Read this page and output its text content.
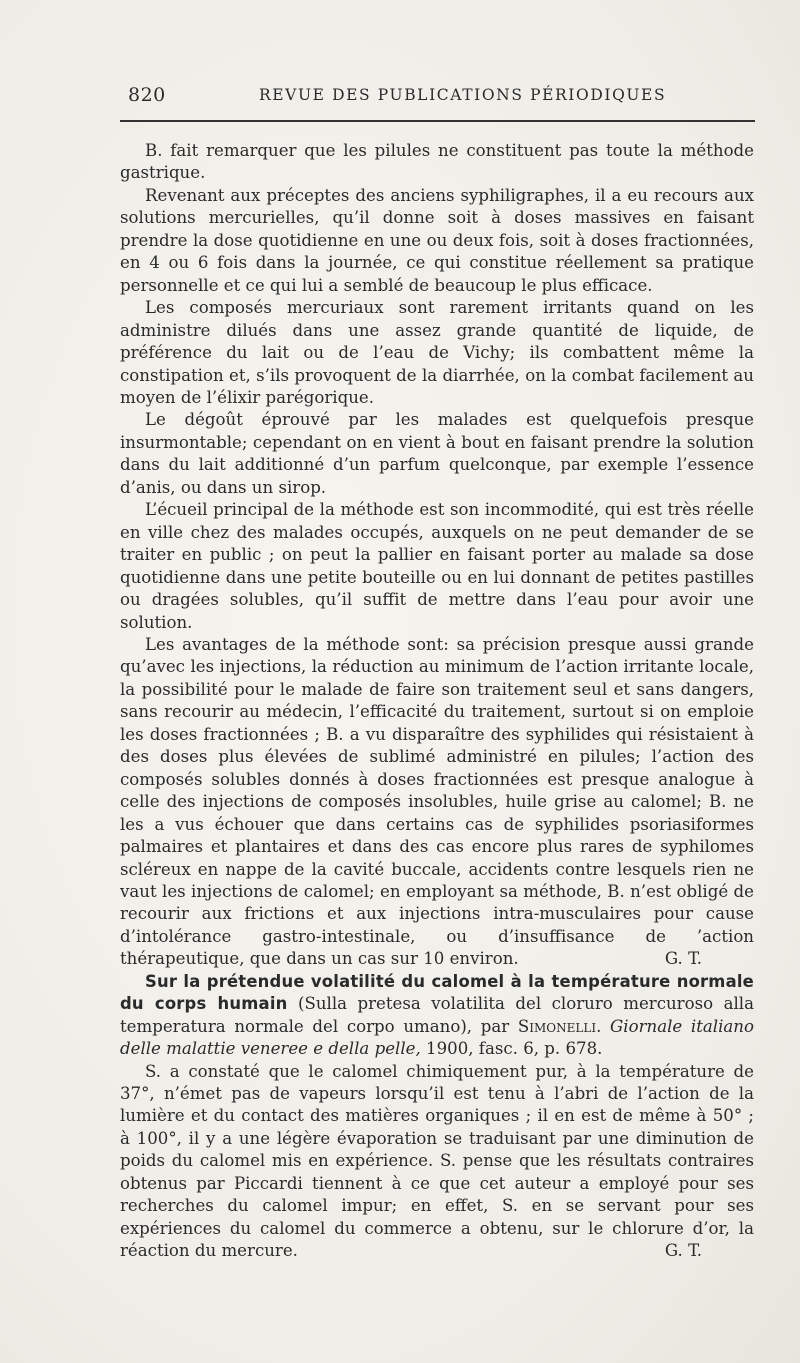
820	REVUE DES PUBLICATIONS PÉRIODIQUES

B. fait remarquer que les pilules ne constituent pas toute la méthode gastrique.

Revenant aux préceptes des anciens syphiligraphes, il a eu recours aux solutions mercurielles, qu’il donne soit à doses massives en faisant prendre la dose quotidienne en une ou deux fois, soit à doses fractionnées, en 4 ou 6 fois dans la journée, ce qui constitue réellement sa pratique personnelle et ce qui lui a semblé de beaucoup le plus efficace.

Les composés mercuriaux sont rarement irritants quand on les administre dilués dans une assez grande quantité de liquide, de préférence du lait ou de l’eau de Vichy; ils combattent même la constipation et, s’ils provoquent de la diarrhée, on la combat facilement au moyen de l’élixir parégorique.

Le dégoût éprouvé par les malades est quelquefois presque insurmontable; cependant on en vient à bout en faisant prendre la solution dans du lait additionné d’un parfum quelconque, par exemple l’essence d’anis, ou dans un sirop.

L’écueil principal de la méthode est son incommodité, qui est très réelle en ville chez des malades occupés, auxquels on ne peut demander de se traiter en public ; on peut la pallier en faisant porter au malade sa dose quotidienne dans une petite bouteille ou en lui donnant de petites pastilles ou dragées solubles, qu’il suffit de mettre dans l’eau pour avoir une solution.

Les avantages de la méthode sont: sa précision presque aussi grande qu’avec les injections, la réduction au minimum de l’action irritante locale, la possibilité pour le malade de faire son traitement seul et sans dangers, sans recourir au médecin, l’efficacité du traitement, surtout si on emploie les doses fractionnées ; B. a vu disparaître des syphilides qui résistaient à des doses plus élevées de sublimé administré en pilules; l’action des composés solubles donnés à doses fractionnées est presque analogue à celle des injections de composés insolubles, huile grise au calomel; B. ne les a vus échouer que dans certains cas de syphilides psoriasiformes palmaires et plantaires et dans des cas encore plus rares de syphilomes scléreux en nappe de la cavité buccale, accidents contre lesquels rien ne vaut les injections de calomel; en employant sa méthode, B. n’est obligé de recourir aux frictions et aux injections intra-musculaires pour cause d’intolérance gastro-intestinale, ou d’insuffisance de ’action thérapeutique, que dans un cas sur 10 environ.	G. T.

Sur la prétendue volatilité du calomel à la température normale du corps humain (Sulla pretesa volatilita del cloruro mercuroso alla temperatura normale del corpo umano), par Simonelli. Giornale italiano delle malattie veneree e della pelle, 1900, fasc. 6, p. 678.

S. a constaté que le calomel chimiquement pur, à la température de 37°, n’émet pas de vapeurs lorsqu’il est tenu à l’abri de l’action de la lumière et du contact des matières organiques ; il en est de même à 50° ; à 100°, il y a une légère évaporation se traduisant par une diminution de poids du calomel mis en expérience. S. pense que les résultats contraires obtenus par Piccardi tiennent à ce que cet auteur a employé pour ses recherches du calomel impur; en effet, S. en se servant pour ses expériences du calomel du commerce a obtenu, sur le chlorure d’or, la réaction du mercure.	G. T.
